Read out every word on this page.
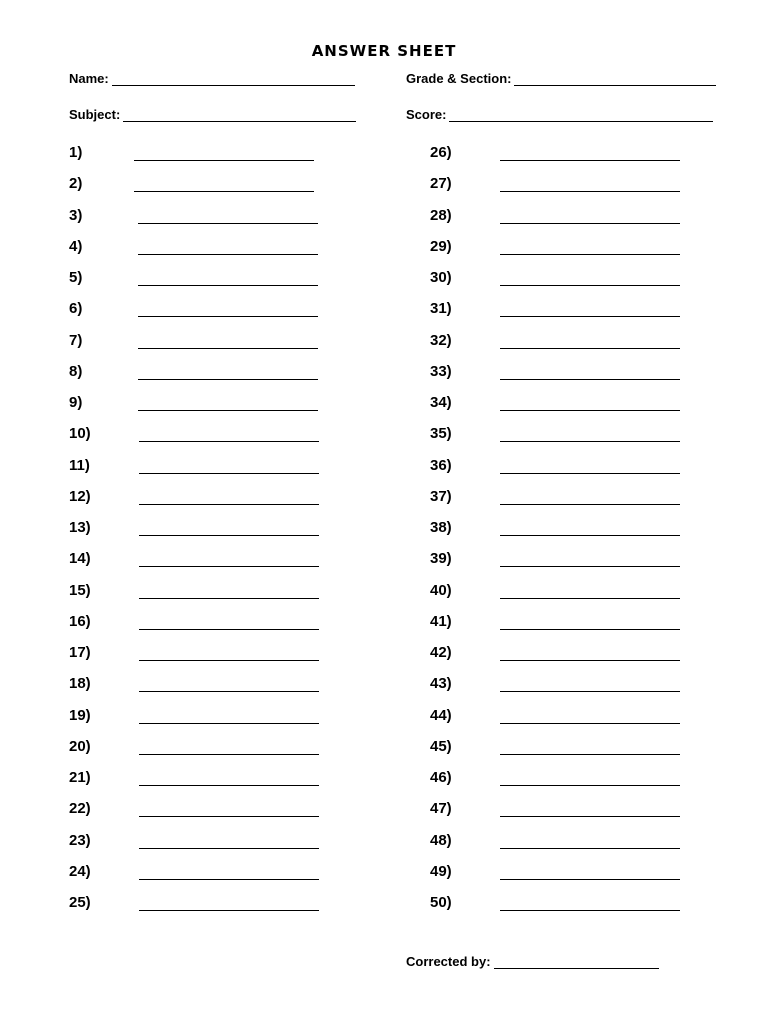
ANSWER SHEET
Name:	Grade & Section:
Subject:	Score:
1)
2)
3)
4)
5)
6)
7)
8)
9)
10)
11)
12)
13)
14)
15)
16)
17)
18)
19)
20)
21)
22)
23)
24)
25)
26)
27)
28)
29)
30)
31)
32)
33)
34)
35)
36)
37)
38)
39)
40)
41)
42)
43)
44)
45)
46)
47)
48)
49)
50)
Corrected by:
